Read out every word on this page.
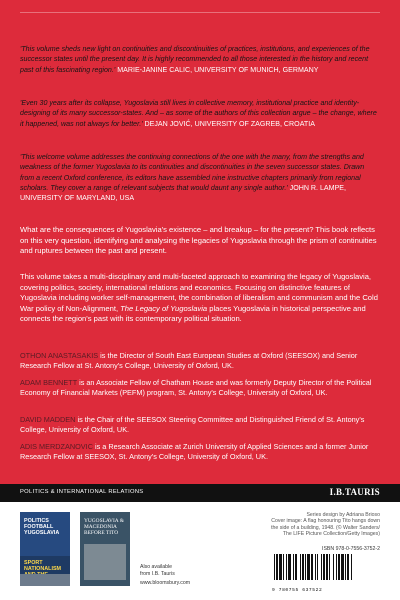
'This volume sheds new light on continuities and discontinuities of practices, institutions, and experiences of the successor states until the present day. It is highly recommended to all those interested in the history and recent past of this fascinating region.' MARIE-JANINE CALIC, UNIVERSITY OF MUNICH, GERMANY
'Even 30 years after its collapse, Yugoslavia still lives in collective memory, institutional practice and identity-designing of its many successor-states. And – as some of the authors of this collection argue – the change, where it happened, was not always for better.' DEJAN JOVIĆ, UNIVERSITY OF ZAGREB, CROATIA
'This welcome volume addresses the continuing connections of the one with the many, from the strengths and weakness of the former Yugoslavia to its continuities and discontinuities in the seven successor states. Drawn from a recent Oxford conference, its editors have assembled nine instructive chapters primarily from regional scholars. They cover a range of relevant subjects that would daunt any single author.' JOHN R. LAMPE, UNIVERSITY OF MARYLAND, USA
What are the consequences of Yugoslavia's existence – and breakup – for the present? This book reflects on this very question, identifying and analysing the legacies of Yugoslavia through the prism of continuities and ruptures between the past and present.
This volume takes a multi-disciplinary and multi-faceted approach to examining the legacy of Yugoslavia, covering politics, society, international relations and economics. Focusing on distinctive features of Yugoslavia including worker self-management, the combination of liberalism and communism and the Cold War policy of Non-Alignment, The Legacy of Yugoslavia places Yugoslavia in historical perspective and connects the region's past with its contemporary political situation.
OTHON ANASTASAKIS is the Director of South East European Studies at Oxford (SEESOX) and Senior Research Fellow at St. Antony's College, University of Oxford, UK.
ADAM BENNETT is an Associate Fellow of Chatham House and was formerly Deputy Director of the Political Economy of Financial Markets (PEFM) program, St. Antony's College, University of Oxford, UK.
DAVID MADDEN is the Chair of the SEESOX Steering Committee and Distinguished Friend of St. Antony's College, University of Oxford, UK.
ADIS MERDZANOVIC is a Research Associate at Zurich University of Applied Sciences and a former Junior Research Fellow at SEESOX, St. Antony's College, University of Oxford, UK.
POLITICS & INTERNATIONAL RELATIONS	I.B.TAURIS
POLITICS FOOTBALL YUGOSLAVIA
SPORT NATIONALISM
YUGOSLAVIA & MACEDONIA BEFORE TITO
Also available
from I.B. Tauris
www.bloomsbury.com
Series design by Adriana Brioso
Cover image: A flag honouring Tito hangs down
the side of a building, 1948. (© Walter Sanders/
The LIFE Picture Collection/Getty Images)
ISBN 978-0-7556-3752-2
9 780755 637522
